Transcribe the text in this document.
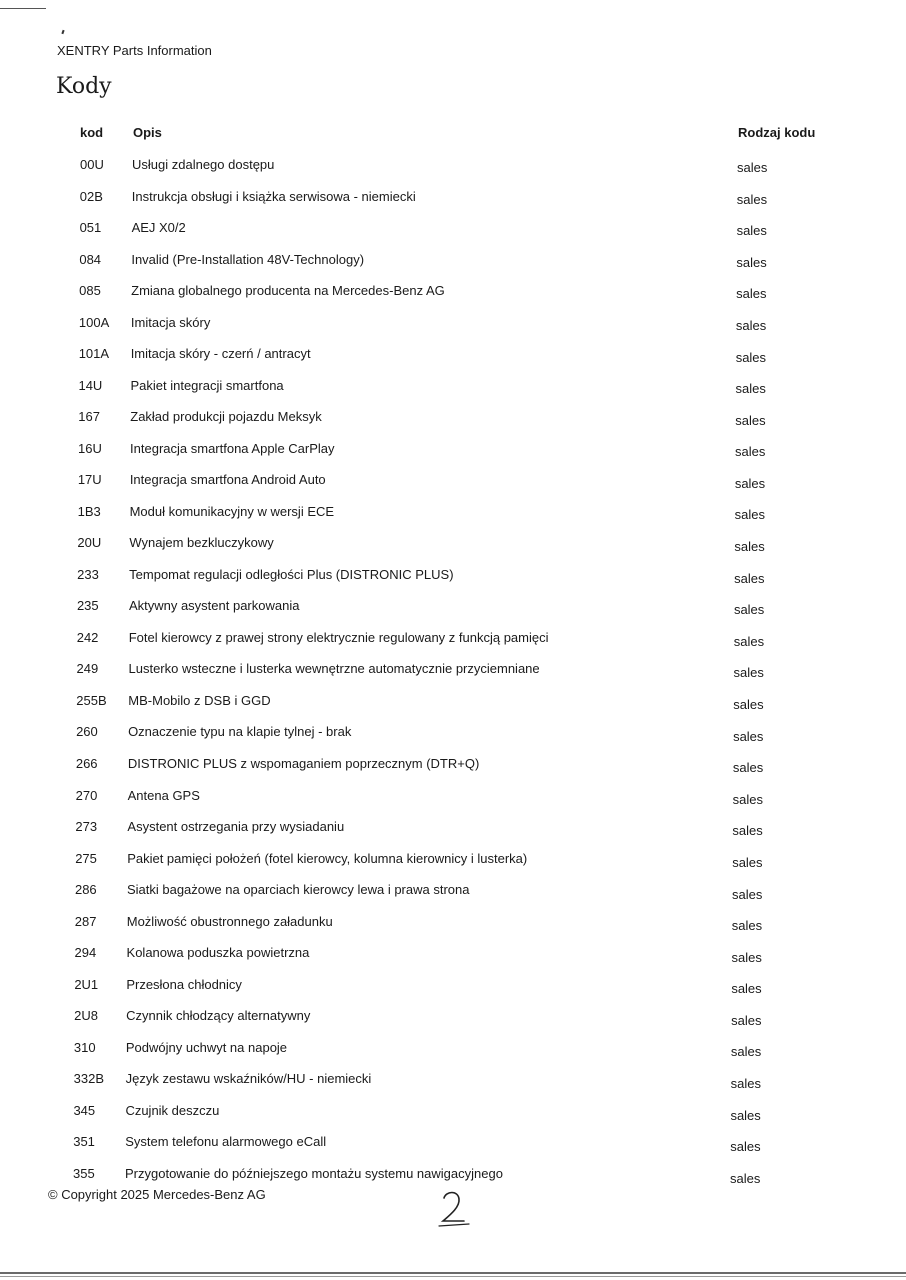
XENTRY Parts Information
Kody
kod Opis	Rodzaj kodu
00U Usługi zdalnego dostępu	sales
02B Instrukcja obsługi i książka serwisowa - niemiecki	sales
051 AEJ X0/2	sales
084 Invalid (Pre-Installation 48V-Technology)	sales
085 Zmiana globalnego producenta na Mercedes-Benz AG	sales
100A Imitacja skóry	sales
101A Imitacja skóry - czerń / antracyt	sales
14U Pakiet integracji smartfona	sales
167 Zakład produkcji pojazdu Meksyk	sales
16U Integracja smartfona Apple CarPlay	sales
17U Integracja smartfona Android Auto	sales
1B3 Moduł komunikacyjny w wersji ECE	sales
20U Wynajem bezkluczykowy	sales
233 Tempomat regulacji odległości Plus (DISTRONIC PLUS)	sales
235 Aktywny asystent parkowania	sales
242 Fotel kierowcy z prawej strony elektrycznie regulowany z funkcją pamięci	sales
249 Lusterko wsteczne i lusterka wewnętrzne automatycznie przyciemniane	sales
255B MB-Mobilo z DSB i GGD	sales
260 Oznaczenie typu na klapie tylnej - brak	sales
266 DISTRONIC PLUS z wspomaganiem poprzecznym (DTR+Q)	sales
270 Antena GPS	sales
273 Asystent ostrzegania przy wysiadaniu	sales
275 Pakiet pamięci położeń (fotel kierowcy, kolumna kierownicy i lusterka)	sales
286 Siatki bagażowe na oparciach kierowcy lewa i prawa strona	sales
287 Możliwość obustronnego załadunku	sales
294 Kolanowa poduszka powietrzna	sales
2U1 Przesłona chłodnicy	sales
2U8 Czynnik chłodzący alternatywny	sales
310 Podwójny uchwyt na napoje	sales
332B Język zestawu wskaźników/HU - niemiecki	sales
345 Czujnik deszczu	sales
351 System telefonu alarmowego eCall	sales
355 Przygotowanie do późniejszego montażu systemu nawigacyjnego	sales
© Copyright 2025 Mercedes-Benz AG
